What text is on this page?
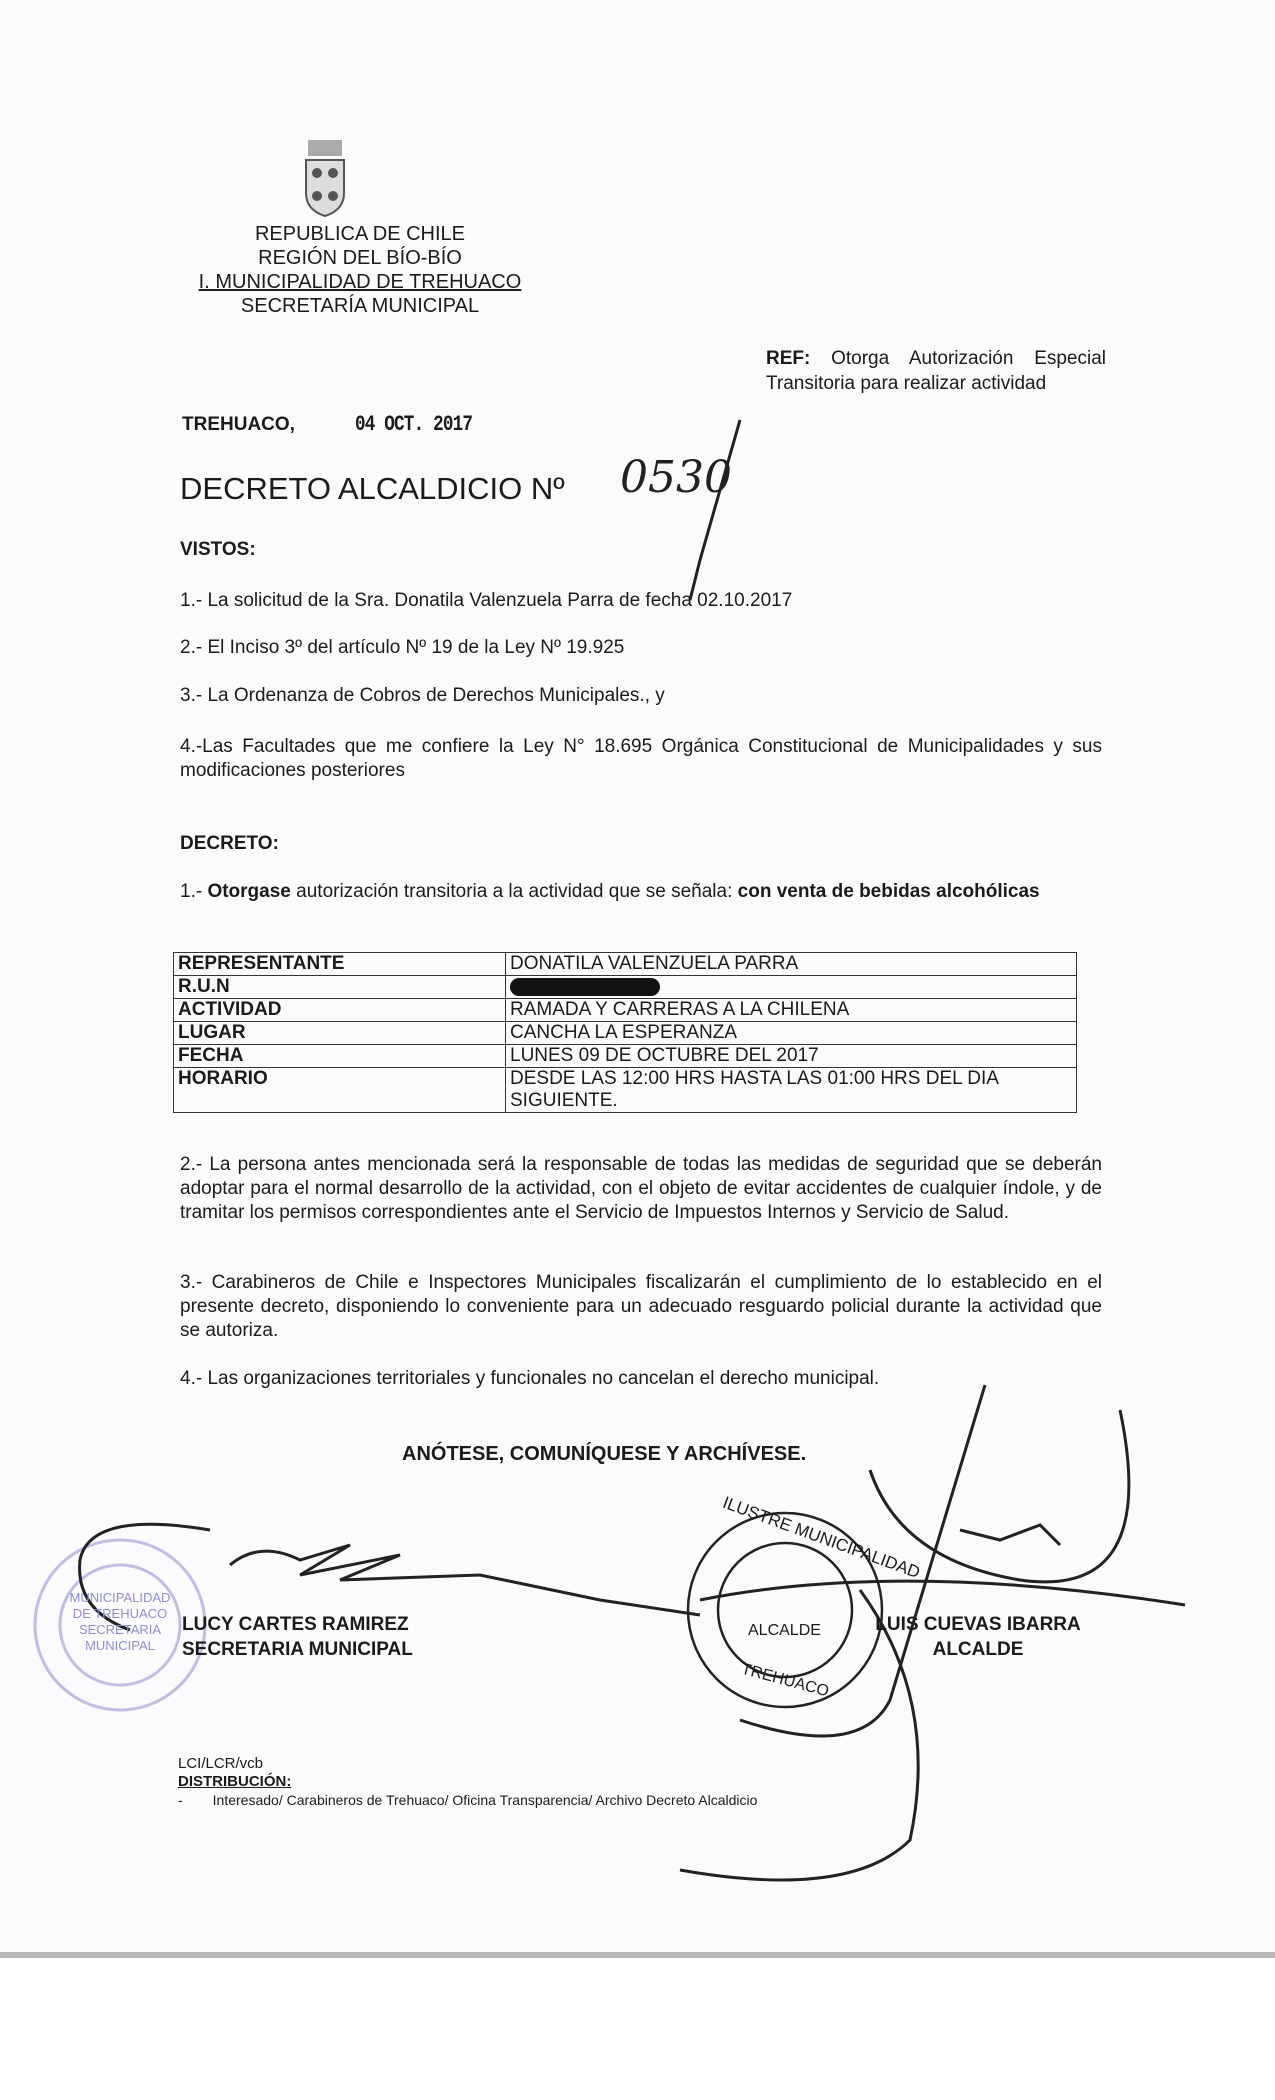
REPUBLICA DE CHILE
REGIÓN DEL BÍO-BÍO
I. MUNICIPALIDAD DE TREHUACO
SECRETARÍA MUNICIPAL
REF: Otorga Autorización Especial Transitoria para realizar actividad
TREHUACO,	04 OCT. 2017
DECRETO ALCALDICIO Nº 0530
VISTOS:
1.- La solicitud de la Sra. Donatila Valenzuela Parra de fecha 02.10.2017
2.- El Inciso 3º del artículo Nº 19 de la Ley Nº 19.925
3.- La Ordenanza de Cobros de Derechos Municipales., y
4.-Las Facultades que me confiere la Ley N° 18.695 Orgánica Constitucional de Municipalidades y sus modificaciones posteriores
DECRETO:
1.- Otorgase autorización transitoria a la actividad que se señala: con venta de bebidas alcohólicas
REPRESENTANTE	DONATILA VALENZUELA PARRA
R.U.N	
ACTIVIDAD	RAMADA Y CARRERAS A LA CHILENA
LUGAR	CANCHA LA ESPERANZA
FECHA	LUNES 09 DE OCTUBRE DEL 2017
HORARIO	DESDE LAS 12:00 HRS HASTA LAS 01:00 HRS DEL DIA SIGUIENTE.
2.- La persona antes mencionada será la responsable de todas las medidas de seguridad que se deberán adoptar para el normal desarrollo de la actividad, con el objeto de evitar accidentes de cualquier índole, y de tramitar los permisos correspondientes ante el Servicio de Impuestos Internos y Servicio de Salud.
3.- Carabineros de Chile e Inspectores Municipales fiscalizarán el cumplimiento de lo establecido en el presente decreto, disponiendo lo conveniente para un adecuado resguardo policial durante la actividad que se autoriza.
4.- Las organizaciones territoriales y funcionales no cancelan el derecho municipal.
ANÓTESE, COMUNÍQUESE Y ARCHÍVESE.
MUNICIPALIDAD DE TREHUACO SECRETARIA MUNICIPAL
ILUSTRE MUNICIPALIDAD
ALCALDE
TREHUACO
LUCY CARTES RAMIREZ
SECRETARIA MUNICIPAL
LUIS CUEVAS IBARRA
ALCALDE
LCI/LCR/vcb
DISTRIBUCIÓN:
- Interesado/ Carabineros de Trehuaco/ Oficina Transparencia/ Archivo Decreto Alcaldicio
